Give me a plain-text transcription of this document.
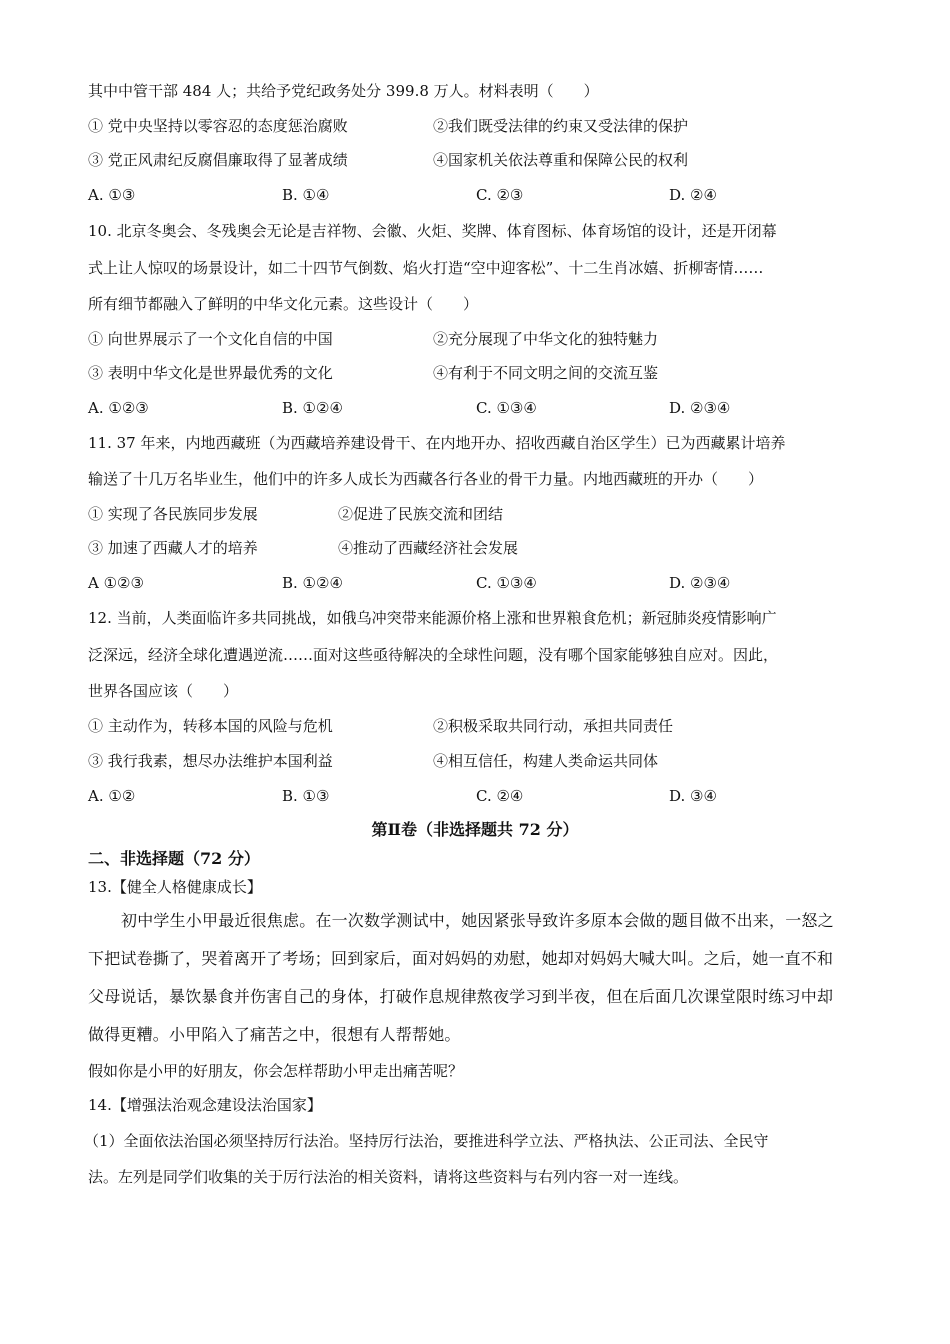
其中中管干部 484 人；共给予党纪政务处分 399.8 万人。材料表明（　　）
① 党中央坚持以零容忍的态度惩治腐败	②我们既受法律的约束又受法律的保护
③ 党正风肃纪反腐倡廉取得了显著成绩	④国家机关依法尊重和保障公民的权利
A. ①③	B. ①④	C. ②③	D. ②④
10. 北京冬奥会、冬残奥会无论是吉祥物、会徽、火炬、奖牌、体育图标、体育场馆的设计，还是开闭幕
式上让人惊叹的场景设计，如二十四节气倒数、焰火打造“空中迎客松”、十二生肖冰嬉、折柳寄情……
所有细节都融入了鲜明的中华文化元素。这些设计（　　）
① 向世界展示了一个文化自信的中国	②充分展现了中华文化的独特魅力
③ 表明中华文化是世界最优秀的文化	④有利于不同文明之间的交流互鉴
A. ①②③	B. ①②④	C. ①③④	D. ②③④
11. 37 年来，内地西藏班（为西藏培养建设骨干、在内地开办、招收西藏自治区学生）已为西藏累计培养
输送了十几万名毕业生，他们中的许多人成长为西藏各行各业的骨干力量。内地西藏班的开办（　　）
① 实现了各民族同步发展	②促进了民族交流和团结
③ 加速了西藏人才的培养	④推动了西藏经济社会发展
A ①②③	B. ①②④	C. ①③④	D. ②③④
12. 当前，人类面临许多共同挑战，如俄乌冲突带来能源价格上涨和世界粮食危机；新冠肺炎疫情影响广
泛深远，经济全球化遭遇逆流……面对这些亟待解决的全球性问题，没有哪个国家能够独自应对。因此，
世界各国应该（　　）
① 主动作为，转移本国的风险与危机	②积极采取共同行动，承担共同责任
③ 我行我素，想尽办法维护本国利益	④相互信任，构建人类命运共同体
A. ①②	B. ①③	C. ②④	D. ③④
第Ⅱ卷（非选择题共 72 分）
二、非选择题（72 分）
13.【健全人格健康成长】
初中学生小甲最近很焦虑。在一次数学测试中，她因紧张导致许多原本会做的题目做不出来，一怒之
下把试卷撕了，哭着离开了考场；回到家后，面对妈妈的劝慰，她却对妈妈大喊大叫。之后，她一直不和
父母说话，暴饮暴食并伤害自己的身体，打破作息规律熬夜学习到半夜，但在后面几次课堂限时练习中却
做得更糟。小甲陷入了痛苦之中，很想有人帮帮她。
假如你是小甲的好朋友，你会怎样帮助小甲走出痛苦呢？
14.【增强法治观念建设法治国家】
（1）全面依法治国必须坚持厉行法治。坚持厉行法治，要推进科学立法、严格执法、公正司法、全民守
法。左列是同学们收集的关于厉行法治的相关资料，请将这些资料与右列内容一对一连线。
